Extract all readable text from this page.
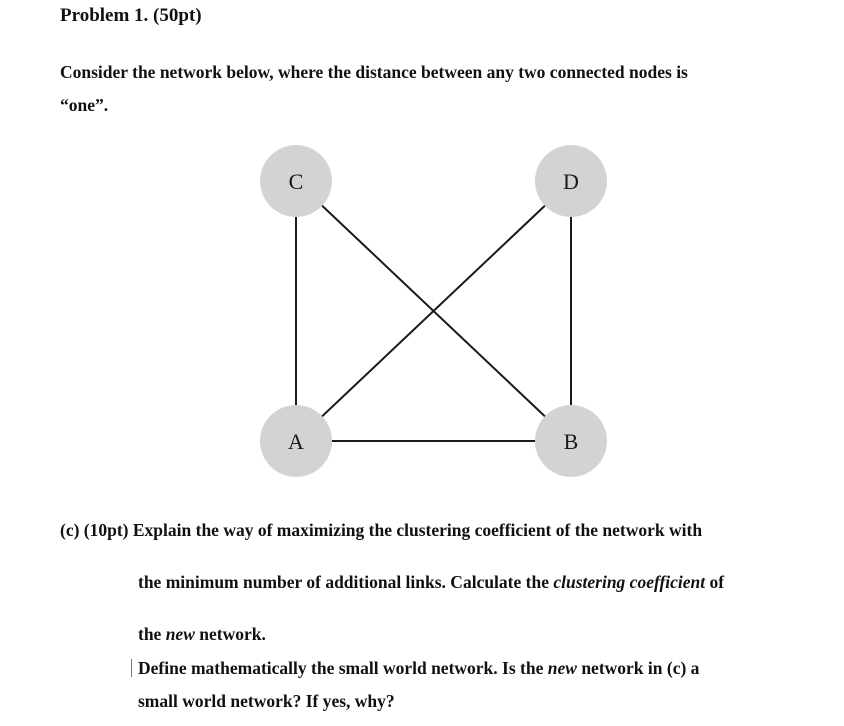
Problem 1. (50pt)
Consider the network below, where the distance between any two connected nodes is
“one”.
C	D
A	B
(c) (10pt) Explain the way of maximizing the clustering coefficient of the network with
the minimum number of additional links. Calculate the clustering coefficient of
the new network.
Define mathematically the small world network. Is the new network in (c) a
small world network? If yes, why?
